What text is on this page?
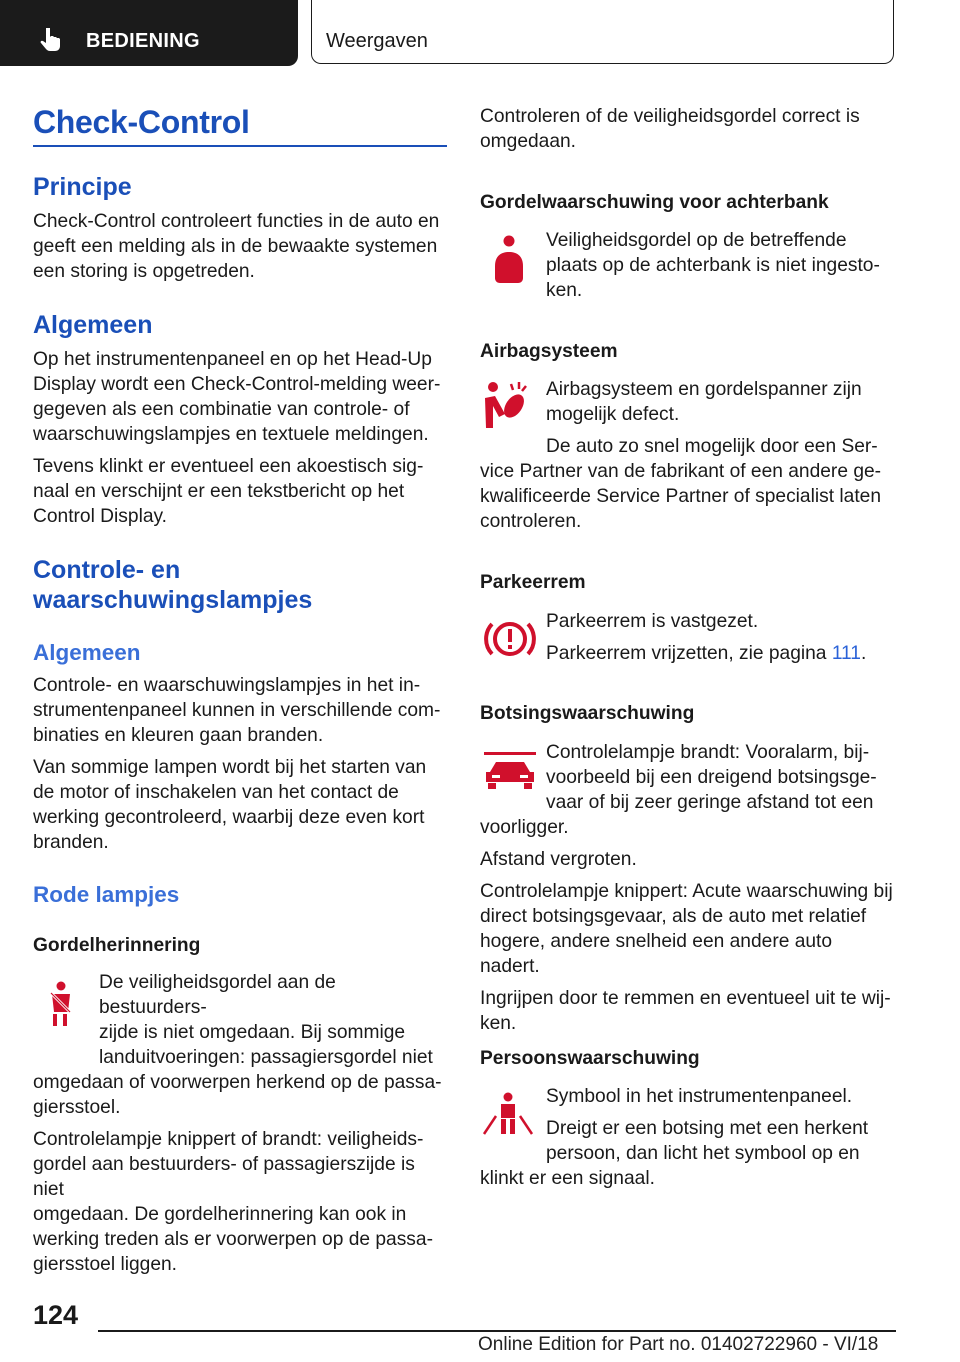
BEDIENING	Weergaven
Check-Control
Principe

Check-Control controleert functies in de auto en

geeft een melding als in de bewaakte systemen

een storing is opgetreden.

Algemeen

Op het instrumentenpaneel en op het Head-Up

Display wordt een Check-Control-melding weer-

gegeven als een combinatie van controle- of

waarschuwingslampjes en textuele meldingen.

Tevens klinkt er eventueel een akoestisch sig-

naal en verschijnt er een tekstbericht op het

Control Display.

Controle- en
waarschuwingslampjes
Algemeen

Controle- en waarschuwingslampjes in het in-

strumentenpaneel kunnen in verschillende com-

binaties en kleuren gaan branden.

Van sommige lampen wordt bij het starten van

de motor of inschakelen van het contact de

werking gecontroleerd, waarbij deze even kort

branden.

Rode lampjes
Gordelherinnering

De veiligheidsgordel aan de bestuurders-

zijde is niet omgedaan. Bij sommige

landuitvoeringen: passagiersgordel niet

omgedaan of voorwerpen herkend op de passa-

giersstoel.

Controlelampje knippert of brandt: veiligheids-

gordel aan bestuurders- of passagierszijde is niet

omgedaan. De gordelherinnering kan ook in

werking treden als er voorwerpen op de passa-

giersstoel liggen.

Controleren of de veiligheidsgordel correct is

omgedaan.

Gordelwaarschuwing voor achterbank

Veiligheidsgordel op de betreffende

plaats op de achterbank is niet ingesto-

ken.

Airbagsysteem

Airbagsysteem en gordelspanner zijn

mogelijk defect.

De auto zo snel mogelijk door een Ser-

vice Partner van de fabrikant of een andere ge-

kwalificeerde Service Partner of specialist laten

controleren.

Parkeerrem

Parkeerrem is vastgezet.

Parkeerrem vrijzetten, zie pagina 111.

Botsingswaarschuwing

Controlelampje brandt: Vooralarm, bij-

voorbeeld bij een dreigend botsingsge-

vaar of bij zeer geringe afstand tot een

voorligger.

Afstand vergroten.

Controlelampje knippert: Acute waarschuwing bij

direct botsingsgevaar, als de auto met relatief

hogere, andere snelheid een andere auto nadert.

Ingrijpen door te remmen en eventueel uit te wij-

ken.

Persoonswaarschuwing

Symbool in het instrumentenpaneel.

Dreigt er een botsing met een herkent

persoon, dan licht het symbool op en

klinkt er een signaal.

124
Online Edition for Part no. 01402722960 - VI/18
